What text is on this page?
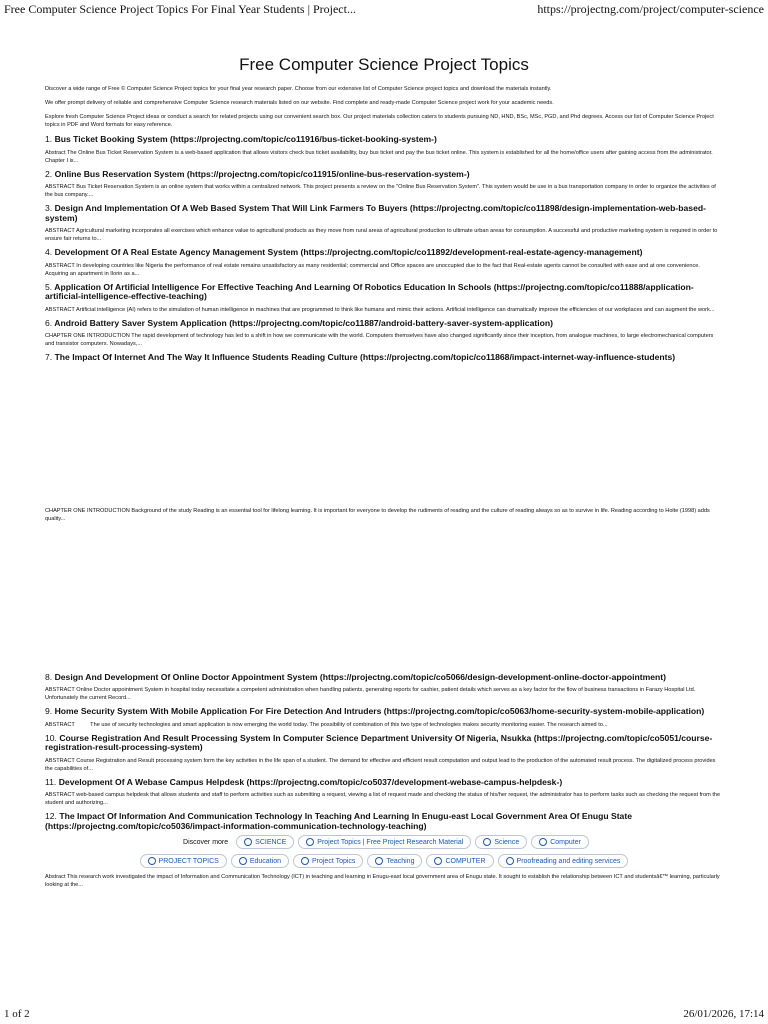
Free Computer Science Project Topics For Final Year Students | Project...	https://projectng.com/project/computer-science
Free Computer Science Project Topics

Discover a wide range of Free © Computer Science Project topics for your final year research paper. Choose from our extensive list of Computer Science project topics and download the materials instantly.

We offer prompt delivery of reliable and comprehensive Computer Science research materials listed on our website. Find complete and ready-made Computer Science project work for your academic needs.

Explore fresh Computer Science Project ideas or conduct a search for related projects using our convenient search box. Our project materials collection caters to students pursuing ND, HND, BSc, MSc, PGD, and Phd degrees. Access our list of Computer Science Project topics in PDF and Word formats for easy reference.

1. Bus Ticket Booking System (https://projectng.com/topic/co11916/bus-ticket-booking-system-)

Abstract The Online Bus Ticket Reservation System is a web-based application that allows visitors check bus ticket availability, buy bus ticket and pay the bus ticket online. This system is established for all the home/office users after gaining access from the administrator. Chapter I is...

2. Online Bus Reservation System (https://projectng.com/topic/co11915/online-bus-reservation-system-)

ABSTRACT Bus Ticket Reservation System is an online system that works within a centralized network. This project presents a review on the "Online Bus Reservation System". This system would be use in a bus transportation company in order to organize the activities of the bus company....

3. Design And Implementation Of A Web Based System That Will Link Farmers To Buyers (https://projectng.com/topic/co11898/design-implementation-web-based-system)

ABSTRACT Agricultural marketing incorporates all exercises which enhance value to agricultural products as they move from rural areas of agricultural production to ultimate urban areas for consumption. A successful and productive marketing system is required in order to ensure fair returns to...

4. Development Of A Real Estate Agency Management System (https://projectng.com/topic/co11892/development-real-estate-agency-management)

ABSTRACT In developing countries like Nigeria the performance of real estate remains unsatisfactory as many residential; commercial and Office spaces are unoccupied due to the fact that Real-estate agents cannot be consulted with ease and at one convenience. Acquiring an apartment in Ilorin as a...

5. Application Of Artificial Intelligence For Effective Teaching And Learning Of Robotics Education In Schools (https://projectng.com/topic/co11888/application-artificial-intelligence-effective-teaching)

ABSTRACT Artificial intelligence (AI) refers to the simulation of human intelligence in machines that are programmed to think like humans and mimic their actions. Artificial intelligence can dramatically improve the efficiencies of our workplaces and can augment the work...

6. Android Battery Saver System Application (https://projectng.com/topic/co11887/android-battery-saver-system-application)

CHAPTER ONE INTRODUCTION The rapid development of technology has led to a shift in how we communicate with the world. Computers themselves have also changed significantly since their inception, from analogue machines, to large electromechanical computers and transistor computers. Nowadays,...

7. The Impact Of Internet And The Way It Influence Students Reading Culture (https://projectng.com/topic/co11868/impact-internet-way-influence-students)

CHAPTER ONE INTRODUCTION Background of the study Reading is an essential tool for lifelong learning. It is important for everyone to develop the rudiments of reading and the culture of reading always so as to survive in life. Reading according to Holte (1998) adds quality...

8. Design And Development Of Online Doctor Appointment System (https://projectng.com/topic/co5066/design-development-online-doctor-appointment)

ABSTRACT Online Doctor appointment System in hospital today necessitate a competent administration when handling patients, generating reports for cashier, patient details which serves as a key factor for the flow of business transactions in Farazy Hospital Ltd. Unfortunately the current Record...

9. Home Security System With Mobile Application For Fire Detection And Intruders (https://projectng.com/topic/co5063/home-security-system-mobile-application)

ABSTRACT          The use of security technologies and smart application is now emerging the world today. The possibility of combination of this two type of technologies makes security monitoring easier. The research aimed to...

10. Course Registration And Result Processing System In Computer Science Department University Of Nigeria, Nsukka (https://projectng.com/topic/co5051/course-registration-result-processing-system)

ABSTRACT Course Registration and Result processing system form the key activities in the life span of a student. The demand for effective and efficient result computation and output lead to the production of the automated result process. The digitalized process provides the capabilities of...

11. Development Of A Webase Campus Helpdesk (https://projectng.com/topic/co5037/development-webase-campus-helpdesk-)

ABSTRACT web-based campus helpdesk that allows students and staff to perform activities such as submitting a request, viewing a list of request made and checking the status of his/her request, the administrator has to perform tasks such as checking the request from the student and authorizing...

12. The Impact Of Information And Communication Technology In Teaching And Learning In Enugu-east Local Government Area Of Enugu State (https://projectng.com/topic/co5036/impact-information-communication-technology-teaching)
Discover more	SCIENCE	Project Topics | Free Project Research Material	Science	Computer
PROJECT TOPICS	Education	Project Topics	Teaching	COMPUTER	Proofreading and editing services

Abstract This research work investigated the impact of Information and Communication Technology (ICT) in teaching and learning in Enugu-east local government area of Enugu state. It sought to establish the relationship between ICT and studentsâ€™ learning, particularly looking at the...

1 of 2	26/01/2026, 17:14
